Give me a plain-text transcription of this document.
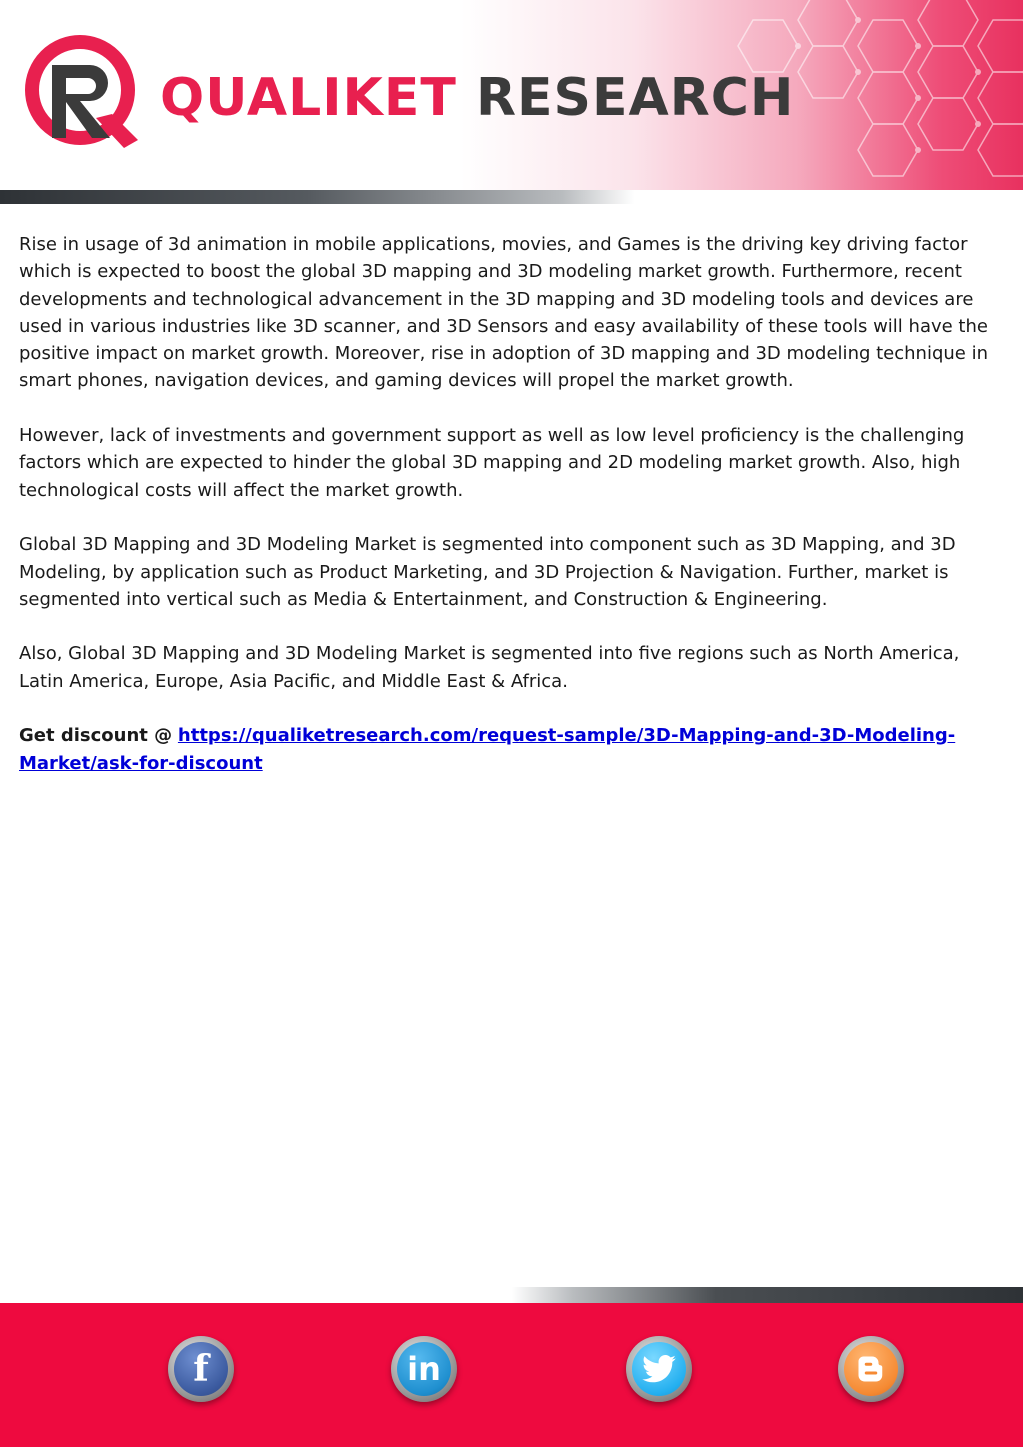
QUALIKET RESEARCH

Rise in usage of 3d animation in mobile applications, movies, and Games is the driving key driving factor which is expected to boost the global 3D mapping and 3D modeling market growth. Furthermore, recent developments and technological advancement in the 3D mapping and 3D modeling tools and devices are used in various industries like 3D scanner, and 3D Sensors and easy availability of these tools will have the positive impact on market growth. Moreover, rise in adoption of 3D mapping and 3D modeling technique in smart phones, navigation devices, and gaming devices will propel the market growth.

However, lack of investments and government support as well as low level proficiency is the challenging factors which are expected to hinder the global 3D mapping and 2D modeling market growth. Also, high technological costs will affect the market growth.

Global 3D Mapping and 3D Modeling Market is segmented into component such as 3D Mapping, and 3D Modeling, by application such as Product Marketing, and 3D Projection & Navigation. Further, market is segmented into vertical such as Media & Entertainment, and Construction & Engineering.

Also, Global 3D Mapping and 3D Modeling Market is segmented into five regions such as North America, Latin America, Europe, Asia Pacific, and Middle East & Africa.

Get discount @ https://qualiketresearch.com/request-sample/3D-Mapping-and-3D-Modeling-Market/ask-for-discount

f	in
